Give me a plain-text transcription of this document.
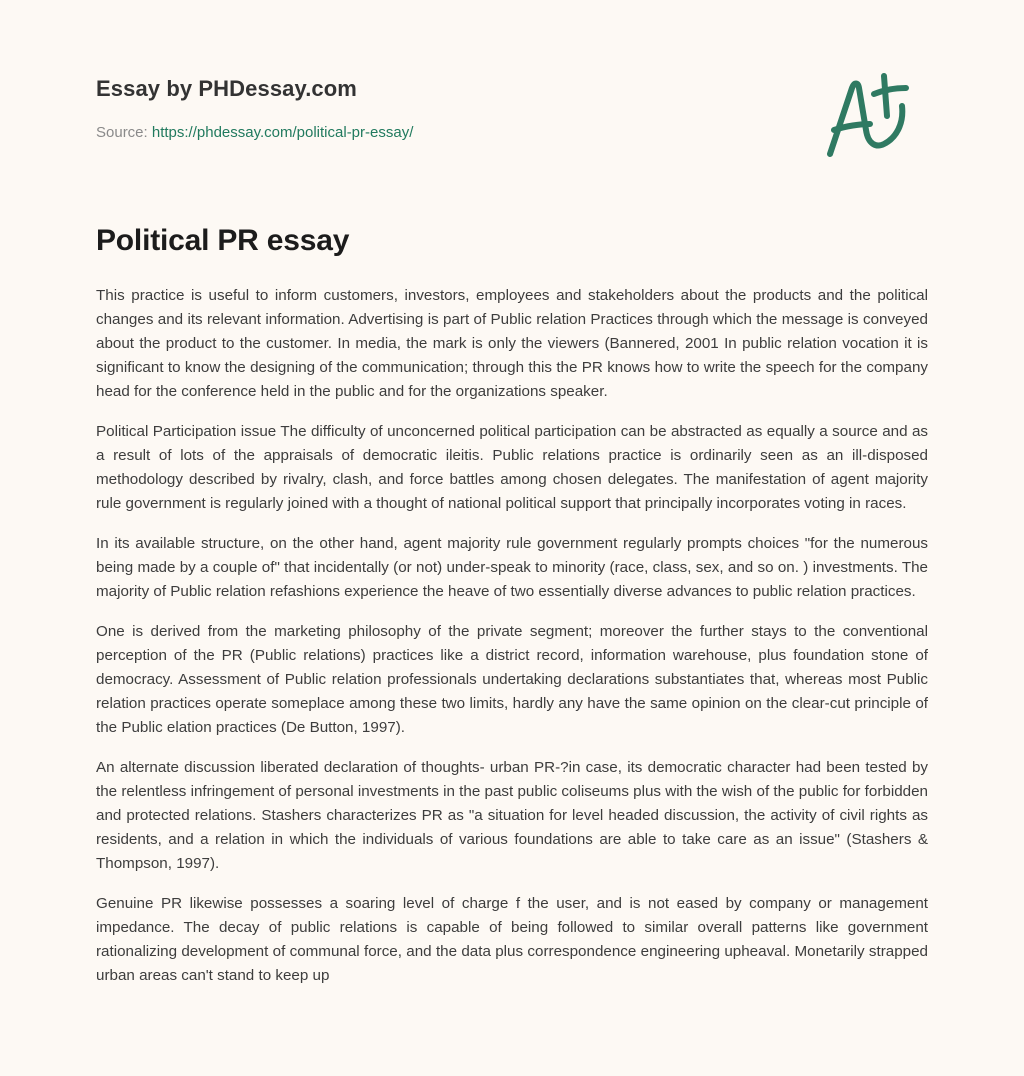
Essay by PHDessay.com
Source: https://phdessay.com/political-pr-essay/
Political PR essay

This practice is useful to inform customers, investors, employees and stakeholders about the products and the political changes and its relevant information. Advertising is part of Public relation Practices through which the message is conveyed about the product to the customer. In media, the mark is only the viewers (Bannered, 2001 In public relation vocation it is significant to know the designing of the communication; through this the PR knows how to write the speech for the company head for the conference held in the public and for the organizations speaker.

Political Participation issue The difficulty of unconcerned political participation can be abstracted as equally a source and as a result of lots of the appraisals of democratic ileitis. Public relations practice is ordinarily seen as an ill-disposed methodology described by rivalry, clash, and force battles among chosen delegates. The manifestation of agent majority rule government is regularly joined with a thought of national political support that principally incorporates voting in races.

In its available structure, on the other hand, agent majority rule government regularly prompts choices "for the numerous being made by a couple of" that incidentally (or not) under-speak to minority (race, class, sex, and so on. ) investments. The majority of Public relation refashions experience the heave of two essentially diverse advances to public relation practices.

One is derived from the marketing philosophy of the private segment; moreover the further stays to the conventional perception of the PR (Public relations) practices like a district record, information warehouse, plus foundation stone of democracy. Assessment of Public relation professionals undertaking declarations substantiates that, whereas most Public relation practices operate someplace among these two limits, hardly any have the same opinion on the clear-cut principle of the Public elation practices (De Button, 1997).

An alternate discussion liberated declaration of thoughts- urban PR-?in case, its democratic character had been tested by the relentless infringement of personal investments in the past public coliseums plus with the wish of the public for forbidden and protected relations. Stashers characterizes PR as "a situation for level headed discussion, the activity of civil rights as residents, and a relation in which the individuals of various foundations are able to take care as an issue" (Stashers & Thompson, 1997).

Genuine PR likewise possesses a soaring level of charge f the user, and is not eased by company or management impedance. The decay of public relations is capable of being followed to similar overall patterns like government rationalizing development of communal force, and the data plus correspondence engineering upheaval. Monetarily strapped urban areas can't stand to keep up
